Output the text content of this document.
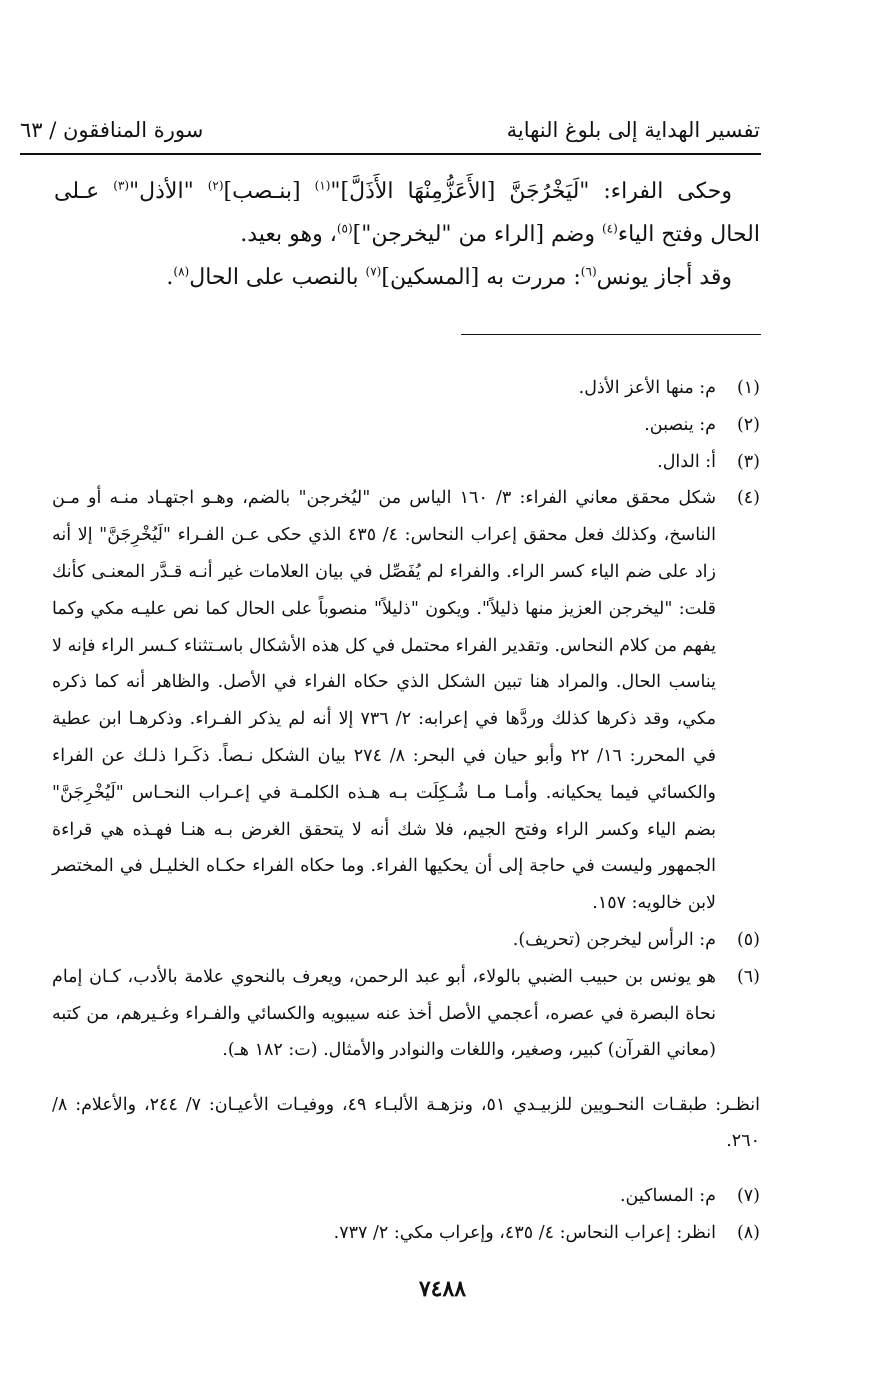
تفسير الهداية إلى بلوغ النهاية
سورة المنافقون / ٦٣

وحكى الفراء: "لَيَخْرُجَنَّ [الأَعَزُّمِنْهَا الأَذَلَّ]"$^{(١)}$ [بنـصب]$^{(٢)}$ "الأذل"$^{(٣)}$ عـلى الحال وفتح الياء$^{(٤)}$ وضم [الراء من "ليخرجن"]$^{(٥)}$، وهو بعيد.

وقد أجاز يونس$^{(٦)}$: مررت به [المسكين]$^{(٧)}$ بالنصب على الحال$^{(٨)}$.

(١)

م: منها الأعز الأذل.

(٢)

م: ينصبن.

(٣)

أ: الدال.

(٤)

شكل محقق معاني الفراء: ٣/ ١٦٠ الياس من "ليُخرجن" بالضم، وهـو اجتهـاد منـه أو مـن الناسخ، وكذلك فعل محقق إعراب النحاس: ٤/ ٤٣٥ الذي حكى عـن الفـراء "لَيُخْرِجَنَّ" إلا أنه زاد على ضم الياء كسر الراء. والفراء لم يُفَصِّل في بيان العلامات غير أنـه قـدَّر المعنـى كأنك قلت: "ليخرجن العزيز منها ذليلاً". ويكون "ذليلاً" منصوباً على الحال كما نص عليـه مكي وكما يفهم من كلام النحاس. وتقدير الفراء محتمل في كل هذه الأشكال باسـتثناء كـسر الراء فإنه لا يناسب الحال. والمراد هنا تبين الشكل الذي حكاه الفراء في الأصل. والظاهر أنه كما ذكره مكي، وقد ذكرها كذلك وردَّها في إعرابه: ٢/ ٧٣٦ إلا أنه لم يذكر الفـراء. وذكرهـا ابن عطية في المحرر: ١٦/ ٢٢ وأبو حيان في البحر: ٨/ ٢٧٤ بيان الشكل نـصاً. ذكَـرا ذلـك عن الفراء والكسائي فيما يحكيانه. وأمـا مـا شُـكِلَت بـه هـذه الكلمـة في إعـراب النحـاس "لَيُخْرِجَنَّ" بضم الياء وكسر الراء وفتح الجيم، فلا شك أنه لا يتحقق الغرض بـه هنـا فهـذه هي قراءة الجمهور وليست في حاجة إلى أن يحكيها الفراء. وما حكاه الفراء حكـاه الخليـل في المختصر لابن خالويه: ١٥٧.

(٥)

م: الرأس ليخرجن (تحريف).

(٦)

هو يونس بن حبيب الضبي بالولاء، أبو عبد الرحمن، ويعرف بالنحوي علامة بالأدب، كـان إمام نحاة البصرة في عصره، أعجمي الأصل أخذ عنه سيبويه والكسائي والفـراء وغـيرهم، من كتبه (معاني القرآن) كبير، وصغير، واللغات والنوادر والأمثال. (ت: ١٨٢ هـ).

انظـر: طبقـات النحـويين للزبيـدي ٥١، ونزهـة الألبـاء ٤٩، ووفيـات الأعيـان: ٧/ ٢٤٤، والأعلام: ٨/ ٢٦٠.

(٧)

م: المساكين.

(٨)

انظر: إعراب النحاس: ٤/ ٤٣٥، وإعراب مكي: ٢/ ٧٣٧.

٧٤٨٨
